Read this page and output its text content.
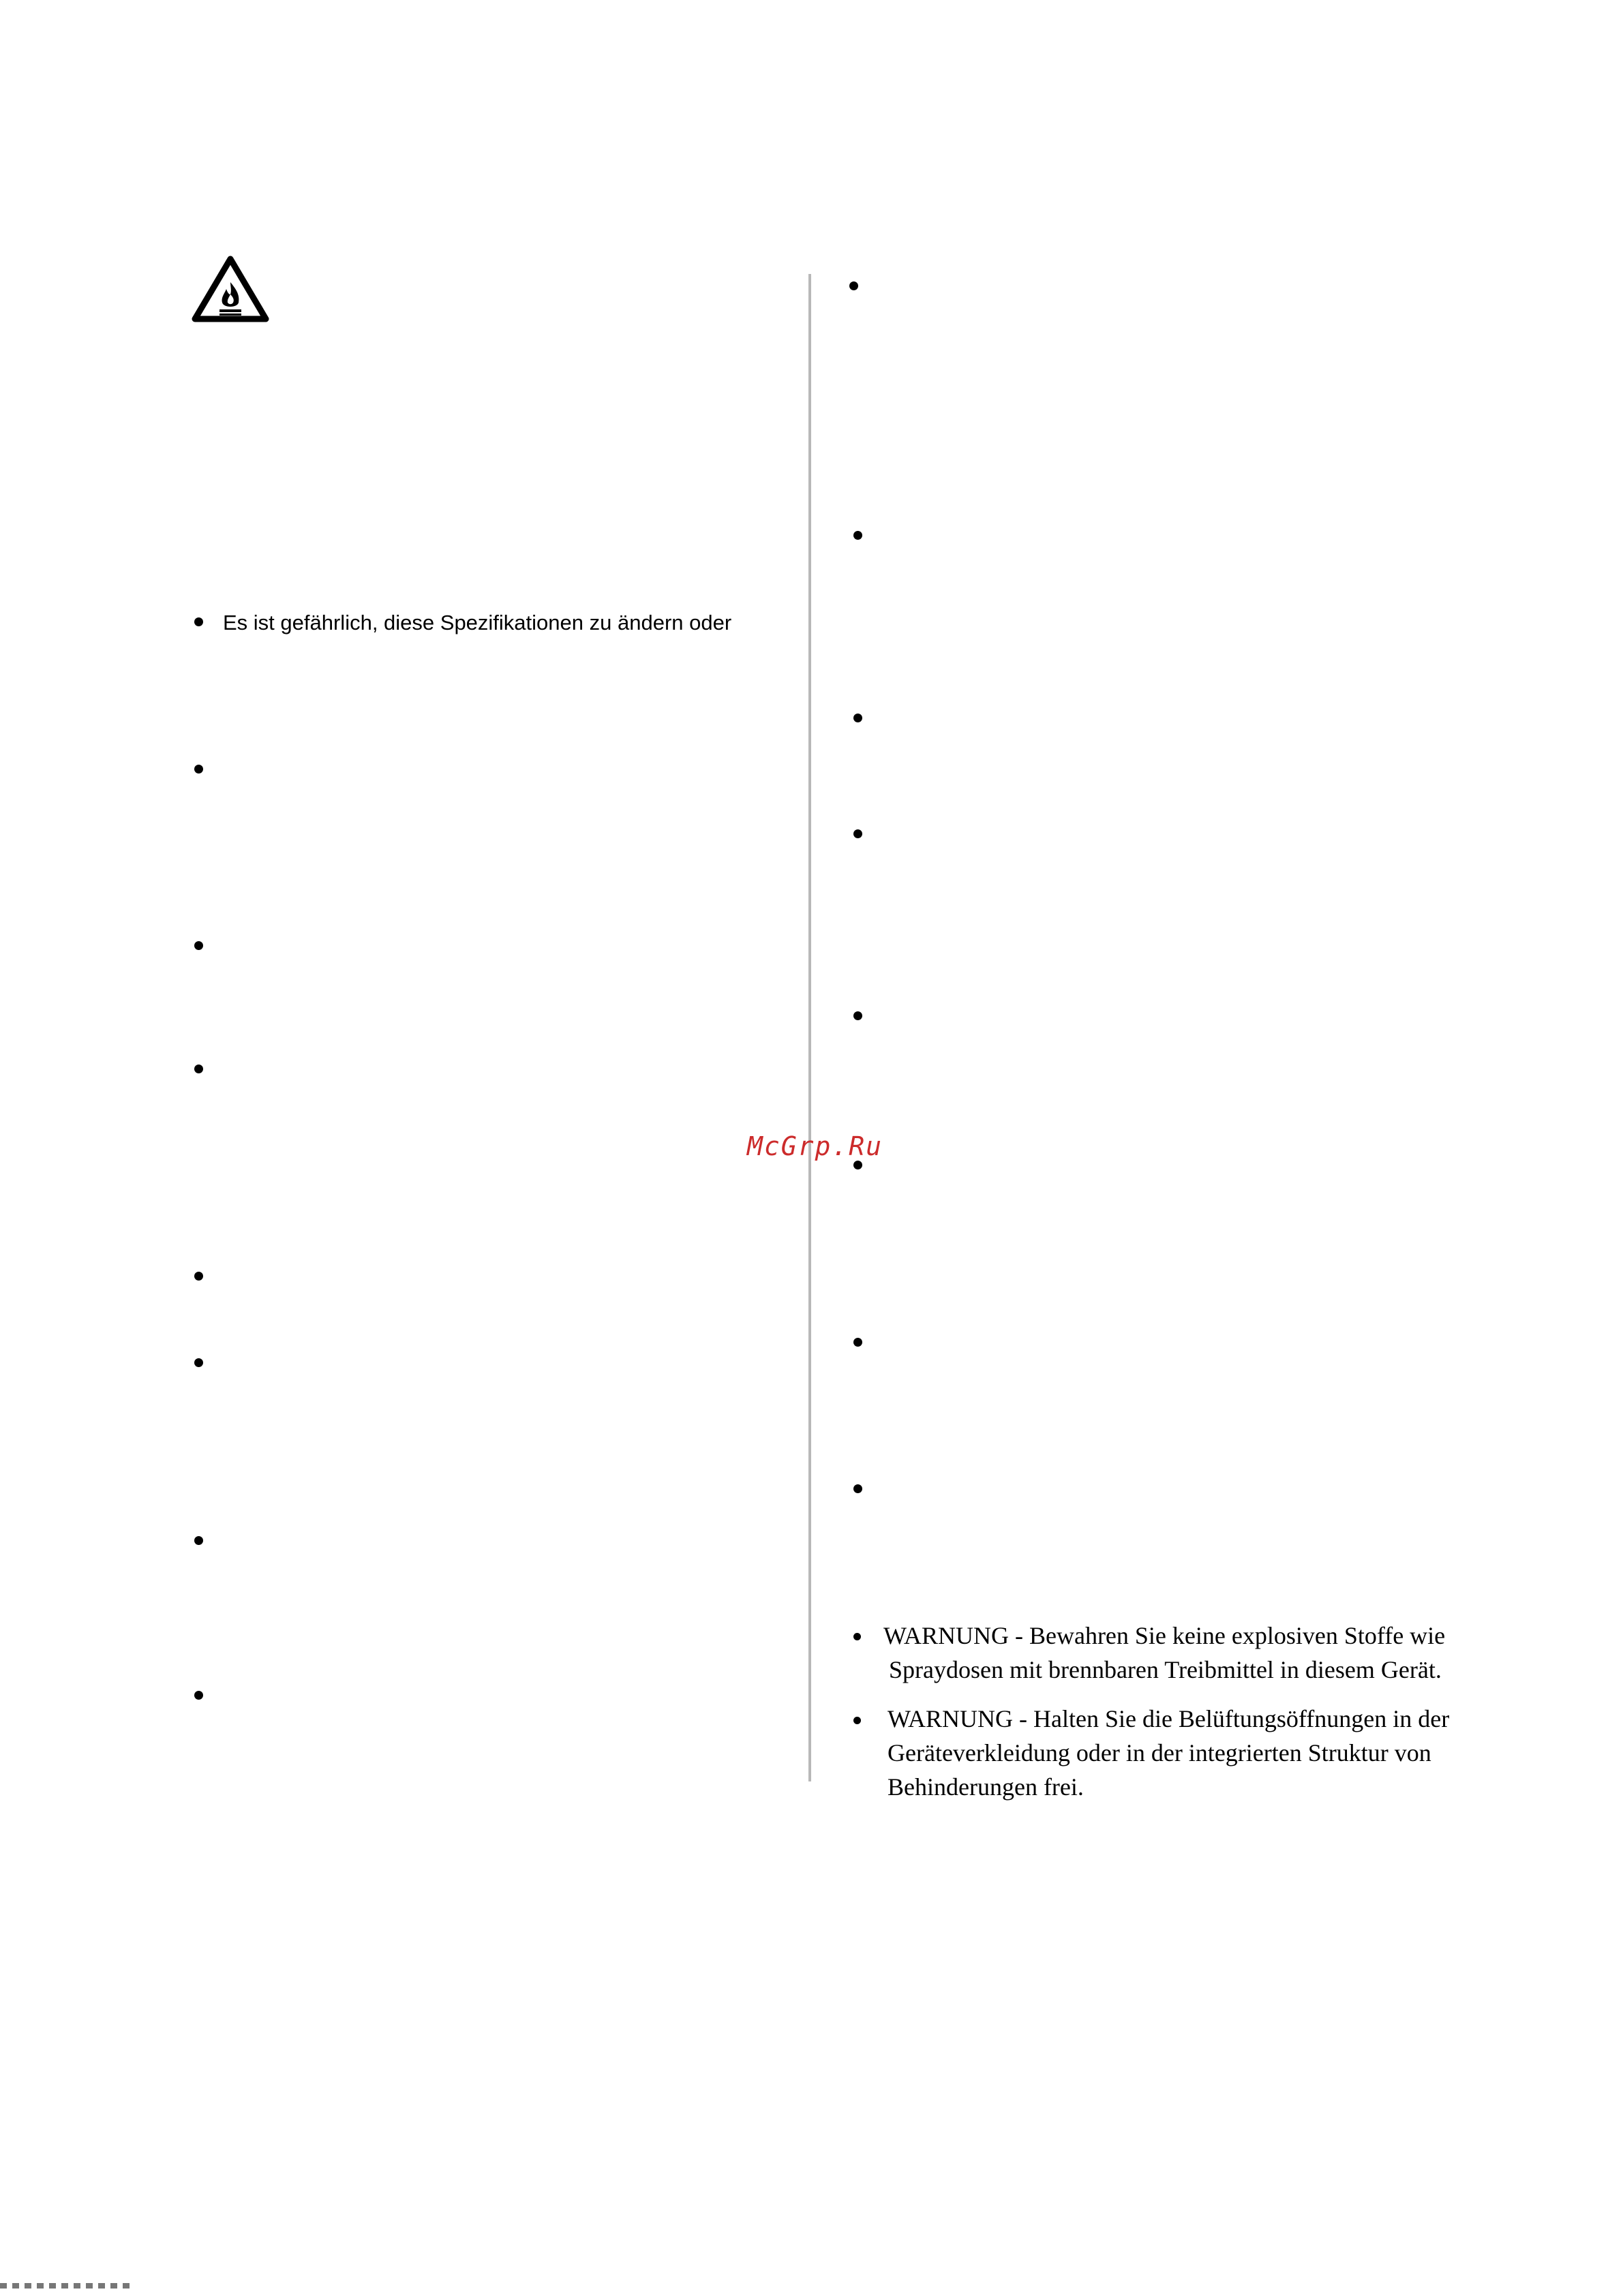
Es ist gefährlich, diese Spezifikationen zu ändern oder

WARNUNG - Bewahren Sie keine explosiven Stoffe wie

Spraydosen mit brennbaren Treibmittel in diesem Gerät.

WARNUNG - Halten Sie die Belüftungsöffnungen in der

Geräteverkleidung oder in der integrierten Struktur von

Behinderungen frei.

McGrp.Ru
